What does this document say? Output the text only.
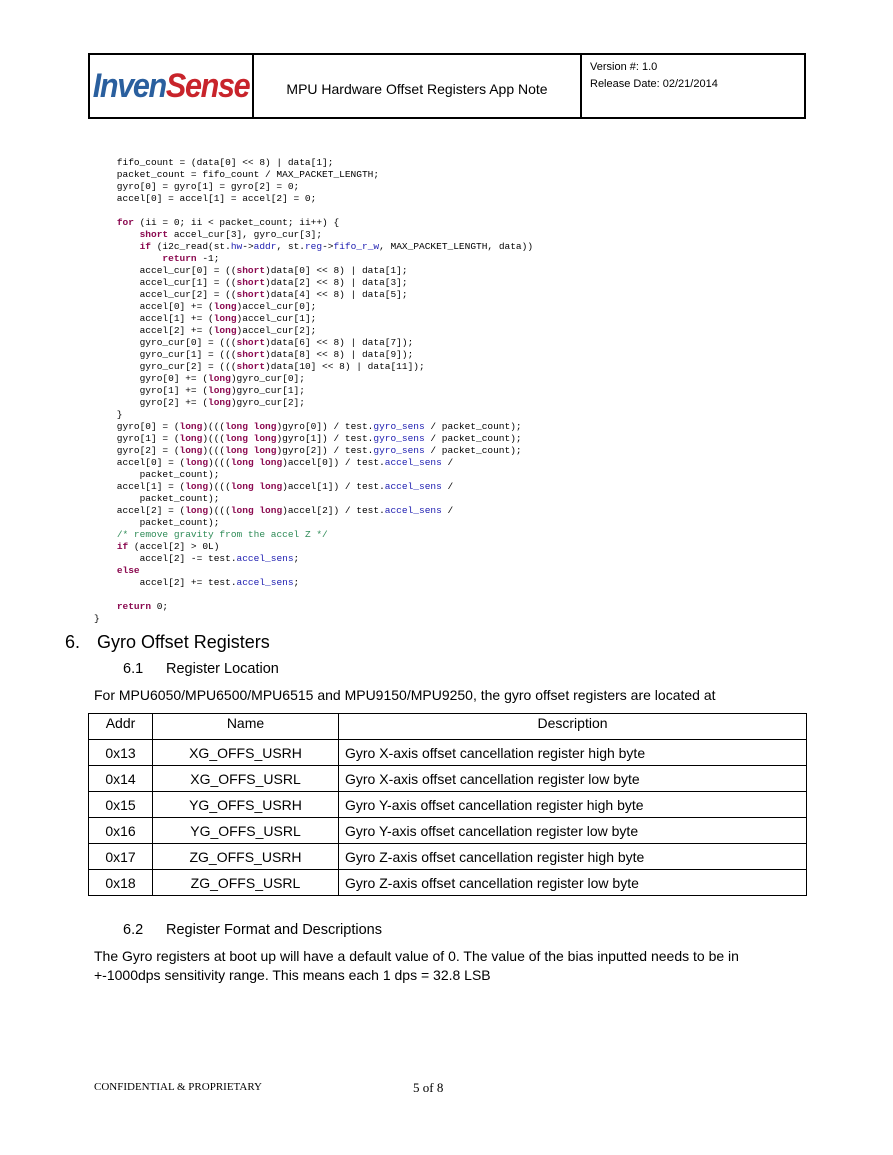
InvenSense	MPU Hardware Offset Registers App Note
Version #: 1.0
Release Date: 02/21/2014
fifo_count = (data[0] << 8) | data[1];
packet_count = fifo_count / MAX_PACKET_LENGTH;
gyro[0] = gyro[1] = gyro[2] = 0;
accel[0] = accel[1] = accel[2] = 0;

for (ii = 0; ii < packet_count; ii++) {
short accel_cur[3], gyro_cur[3];
if (i2c_read(st.hw->addr, st.reg->fifo_r_w, MAX_PACKET_LENGTH, data))
return -1;
accel_cur[0] = ((short)data[0] << 8) | data[1];
accel_cur[1] = ((short)data[2] << 8) | data[3];
accel_cur[2] = ((short)data[4] << 8) | data[5];
accel[0] += (long)accel_cur[0];
accel[1] += (long)accel_cur[1];
accel[2] += (long)accel_cur[2];
gyro_cur[0] = (((short)data[6] << 8) | data[7]);
gyro_cur[1] = (((short)data[8] << 8) | data[9]);
gyro_cur[2] = (((short)data[10] << 8) | data[11]);
gyro[0] += (long)gyro_cur[0];
gyro[1] += (long)gyro_cur[1];
gyro[2] += (long)gyro_cur[2];
}
gyro[0] = (long)(((long long)gyro[0]) / test.gyro_sens / packet_count);
gyro[1] = (long)(((long long)gyro[1]) / test.gyro_sens / packet_count);
gyro[2] = (long)(((long long)gyro[2]) / test.gyro_sens / packet_count);
accel[0] = (long)(((long long)accel[0]) / test.accel_sens /
packet_count);
accel[1] = (long)(((long long)accel[1]) / test.accel_sens /
packet_count);
accel[2] = (long)(((long long)accel[2]) / test.accel_sens /
packet_count);
/* remove gravity from the accel Z */
if (accel[2] > 0L)
accel[2] -= test.accel_sens;
else
accel[2] += test.accel_sens;

return 0;
}
6. Gyro Offset Registers
6.1 Register Location
For MPU6050/MPU6500/MPU6515 and MPU9150/MPU9250, the gyro offset registers are located at
Addr	Name	Description
0x13	XG_OFFS_USRH	Gyro X-axis offset cancellation register high byte
0x14	XG_OFFS_USRL	Gyro X-axis offset cancellation register low byte
0x15	YG_OFFS_USRH	Gyro Y-axis offset cancellation register high byte
0x16	YG_OFFS_USRL	Gyro Y-axis offset cancellation register low byte
0x17	ZG_OFFS_USRH	Gyro Z-axis offset cancellation register high byte
0x18	ZG_OFFS_USRL	Gyro Z-axis offset cancellation register low byte
6.2 Register Format and Descriptions
The Gyro registers at boot up will have a default value of 0. The value of the bias inputted needs to be in
+-1000dps sensitivity range. This means each 1 dps = 32.8 LSB
CONFIDENTIAL & PROPRIETARY	5 of 8
